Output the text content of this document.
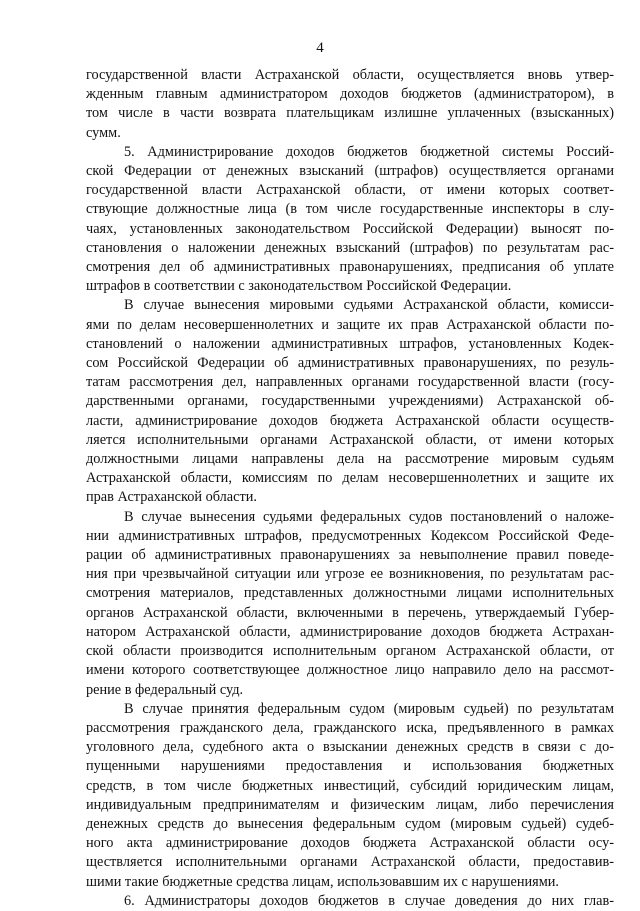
4
государственной власти Астраханской области, осуществляется вновь утвер-
жденным главным администратором доходов бюджетов (администратором), в
том числе в части возврата плательщикам излишне уплаченных (взысканных)
сумм.
5. Администрирование доходов бюджетов бюджетной системы Россий-
ской Федерации от денежных взысканий (штрафов) осуществляется органами
государственной власти Астраханской области, от имени которых соответ-
ствующие должностные лица (в том числе государственные инспекторы в слу-
чаях, установленных законодательством Российской Федерации) выносят по-
становления о наложении денежных взысканий (штрафов) по результатам рас-
смотрения дел об административных правонарушениях, предписания об уплате
штрафов в соответствии с законодательством Российской Федерации.
В случае вынесения мировыми судьями Астраханской области, комисси-
ями по делам несовершеннолетних и защите их прав Астраханской области по-
становлений о наложении административных штрафов, установленных Кодек-
сом Российской Федерации об административных правонарушениях, по резуль-
татам рассмотрения дел, направленных органами государственной власти (госу-
дарственными органами, государственными учреждениями) Астраханской об-
ласти, администрирование доходов бюджета Астраханской области осуществ-
ляется исполнительными органами Астраханской области, от имени которых
должностными лицами направлены дела на рассмотрение мировым судьям
Астраханской области, комиссиям по делам несовершеннолетних и защите их
прав Астраханской области.
В случае вынесения судьями федеральных судов постановлений о наложе-
нии административных штрафов, предусмотренных Кодексом Российской Феде-
рации об административных правонарушениях за невыполнение правил поведе-
ния при чрезвычайной ситуации или угрозе ее возникновения, по результатам рас-
смотрения материалов, представленных должностными лицами исполнительных
органов Астраханской области, включенными в перечень, утверждаемый Губер-
натором Астраханской области, администрирование доходов бюджета Астрахан-
ской области производится исполнительным органом Астраханской области, от
имени которого соответствующее должностное лицо направило дело на рассмот-
рение в федеральный суд.
В случае принятия федеральным судом (мировым судьей) по результатам
рассмотрения гражданского дела, гражданского иска, предъявленного в рамках
уголовного дела, судебного акта о взыскании денежных средств в связи с до-
пущенными нарушениями предоставления и использования бюджетных
средств, в том числе бюджетных инвестиций, субсидий юридическим лицам,
индивидуальным предпринимателям и физическим лицам, либо перечисления
денежных средств до вынесения федеральным судом (мировым судьей) судеб-
ного акта администрирование доходов бюджета Астраханской области осу-
ществляется исполнительными органами Астраханской области, предоставив-
шими такие бюджетные средства лицам, использовавшим их с нарушениями.
6. Администраторы доходов бюджетов в случае доведения до них глав-
